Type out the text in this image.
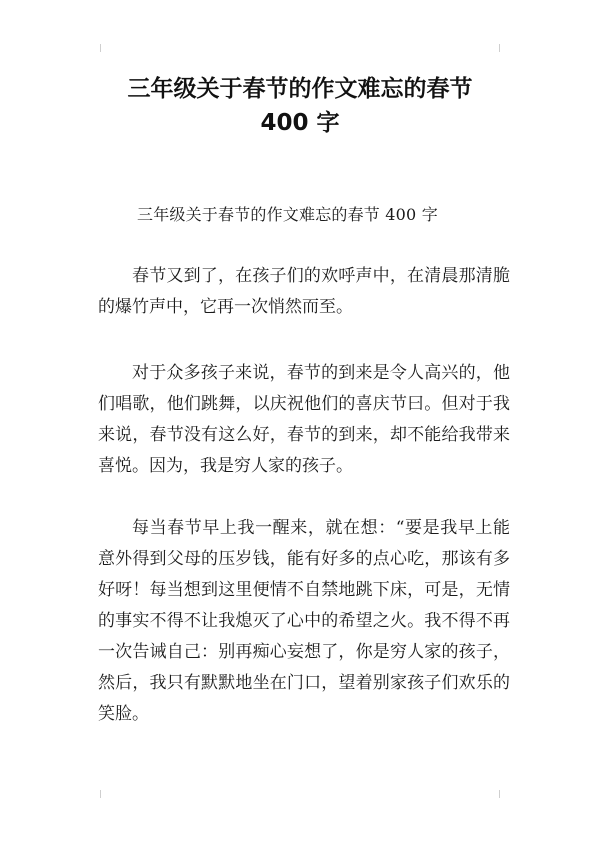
三年级关于春节的作文难忘的春节
400 字
三年级关于春节的作文难忘的春节 400 字

春节又到了，在孩子们的欢呼声中，在清晨那清脆的爆竹声中，它再一次悄然而至。

对于众多孩子来说，春节的到来是令人高兴的，他们唱歌，他们跳舞，以庆祝他们的喜庆节曰。但对于我来说，春节没有这么好，春节的到来，却不能给我带来喜悦。因为，我是穷人家的孩子。

每当春节早上我一醒来，就在想：“要是我早上能意外得到父母的压岁钱，能有好多的点心吃，那该有多好呀！每当想到这里便情不自禁地跳下床，可是，无情的事实不得不让我熄灭了心中的希望之火。我不得不再一次告诫自己：别再痴心妄想了，你是穷人家的孩子，然后，我只有默默地坐在门口，望着别家孩子们欢乐的笑脸。
